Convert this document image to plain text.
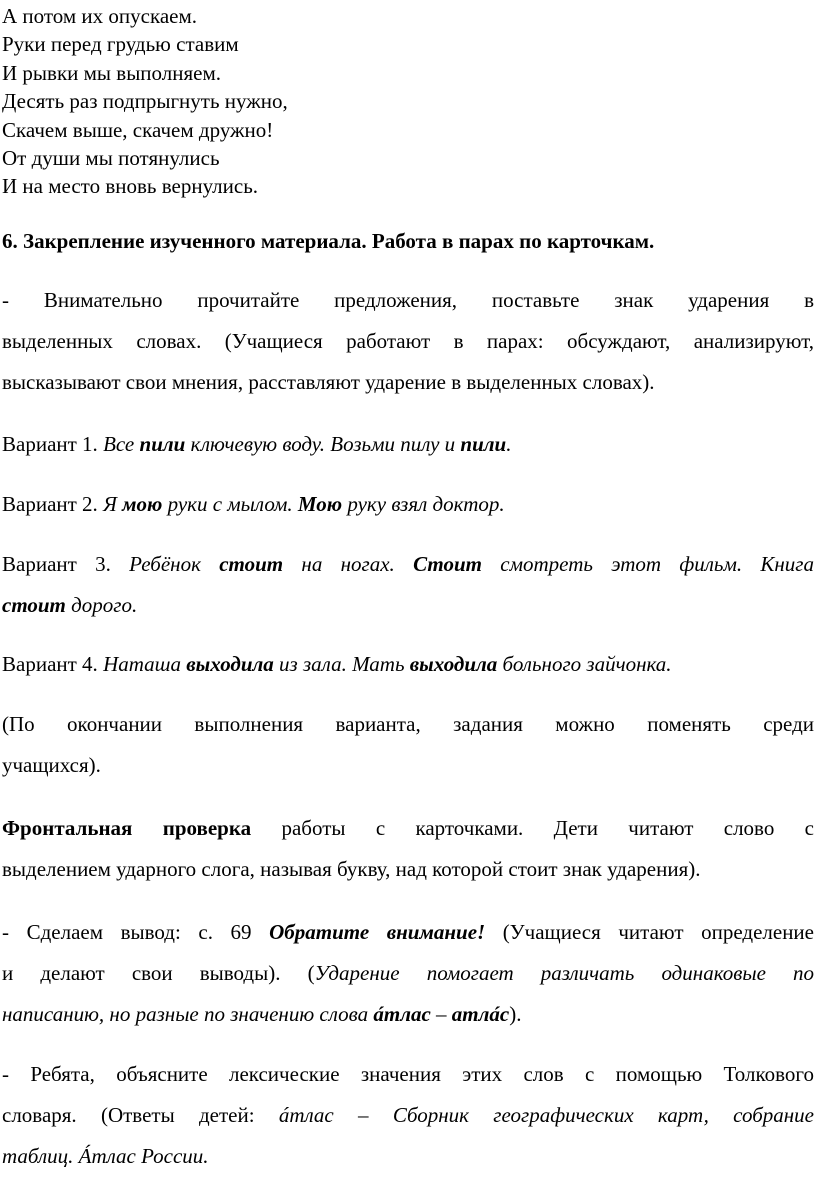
А потом их опускаем.
Руки перед грудью ставим
И рывки мы выполняем.
Десять раз подпрыгнуть нужно,
Скачем выше, скачем дружно!
От души мы потянулись
И на место вновь вернулись.
6. Закрепление изученного материала. Работа в парах по карточкам.
- Внимательно прочитайте предложения, поставьте знак ударения в
выделенных словах. (Учащиеся работают в парах: обсуждают, анализируют,
высказывают свои мнения, расставляют ударение в выделенных словах).
Вариант 1. Все пили ключевую воду. Возьми пилу и пили.
Вариант 2. Я мою руки с мылом. Мою руку взял доктор.
Вариант 3. Ребёнок стоит на ногах. Стоит смотреть этот фильм. Книга
стоит дорого.
Вариант 4. Наташа выходила из зала. Мать выходила больного зайчонка.
(По окончании выполнения варианта, задания можно поменять среди
учащихся).
Фронтальная проверка работы с карточками. Дети читают слово с
выделением ударного слога, называя букву, над которой стоит знак ударения).
- Сделаем вывод: с. 69 Обратите внимание! (Учащиеся читают определение
и делают свои выводы). (Ударение помогает различать одинаковые по
написанию, но разные по значению слова áтлас – атлáс).
- Ребята, объясните лексические значения этих слов с помощью Толкового
словаря. (Ответы детей: áтлас – Сборник географических карт, собрание
таблиц. Áтлас России.
